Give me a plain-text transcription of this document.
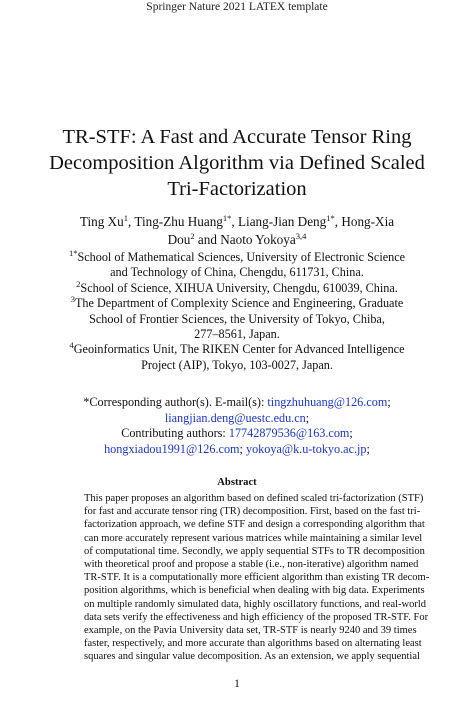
Springer Nature 2021 LATEX template
TR-STF: A Fast and Accurate Tensor Ring
Decomposition Algorithm via Defined Scaled
Tri-Factorization
Ting Xu$^1$, Ting-Zhu Huang$^{1*}$, Liang-Jian Deng$^{1*}$, Hong-Xia
Dou$^2$ and Naoto Yokoya$^{3,4}$
$^{1*}$School of Mathematical Sciences, University of Electronic Science
and Technology of China, Chengdu, 611731, China.
$^2$School of Science, XIHUA University, Chengdu, 610039, China.
$^3$The Department of Complexity Science and Engineering, Graduate
School of Frontier Sciences, the University of Tokyo, Chiba,
277–8561, Japan.
$^4$Geoinformatics Unit, The RIKEN Center for Advanced Intelligence
Project (AIP), Tokyo, 103-0027, Japan.
*Corresponding author(s). E-mail(s): tingzhuhuang@126.com;
liangjian.deng@uestc.edu.cn;
Contributing authors: 17742879536@163.com;
hongxiadou1991@126.com; yokoya@k.u-tokyo.ac.jp;
Abstract
This paper proposes an algorithm based on defined scaled tri-factorization (STF)
for fast and accurate tensor ring (TR) decomposition. First, based on the fast tri-
factorization approach, we define STF and design a corresponding algorithm that
can more accurately represent various matrices while maintaining a similar level
of computational time. Secondly, we apply sequential STFs to TR decomposition
with theoretical proof and propose a stable (i.e., non-iterative) algorithm named
TR-STF. It is a computationally more efficient algorithm than existing TR decom-
position algorithms, which is beneficial when dealing with big data. Experiments
on multiple randomly simulated data, highly oscillatory functions, and real-world
data sets verify the effectiveness and high efficiency of the proposed TR-STF. For
example, on the Pavia University data set, TR-STF is nearly 9240 and 39 times
faster, respectively, and more accurate than algorithms based on alternating least
squares and singular value decomposition. As an extension, we apply sequential
1
